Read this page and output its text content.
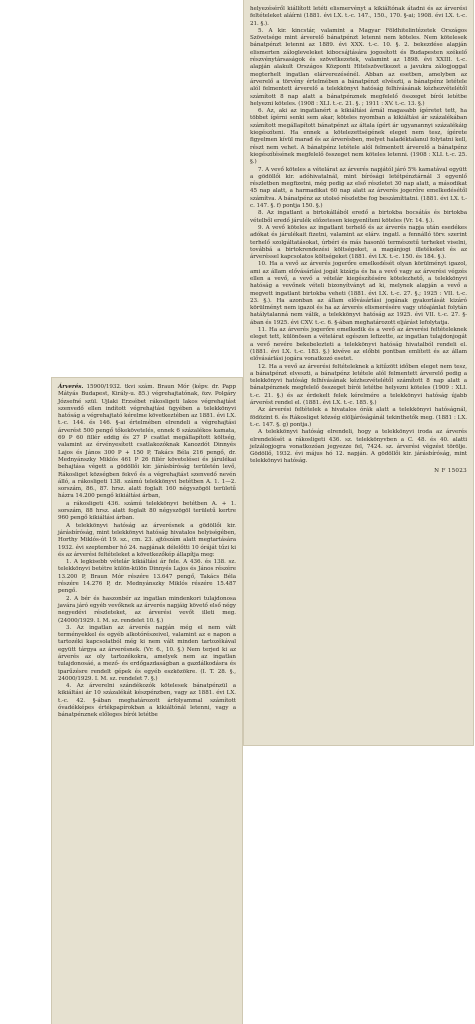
helyezéséről kiállított letéti elismervényt a kikiáltónak átadni és az árverési feltételeket aláírni (1881. évi LX. t.-c. 147., 150., 170. §-ai; 1908. évi LX. t.-c. 21. §.).

5. A kir. kincstár, valamint a Magyar Földhitelintézetek Országos Szövetsége mint árverelő bánatpénzt letenni nem köteles. Nem kötelesek bánatpénzt letenni az 1889. évi XXX. t.-c. 10. §. 2. bekezdése alapján elismerten zálogleveleket kibocsájtására jogosított és Budapesten székelő részvénytársaságok és szövetkezetek, valamint az 1898. évi XXIII. t.-c. alapján alakult Országos Központi Hitelszövetkezet a javukra zálogjoggal megterhelt ingatlan elárverezésénél. Abban az esetben, amelyben az árverelő a törvény értelmében a bánatpénzt elvészti, a bánatpénz letétele alól felmentett árverelő a telekkönyvi hatóság felhívásának kézhezvételétől számított 8 nap alatt a bánatpénznek megfelelő összeget bírói letétbe helyezni köteles. (1908 : XLI. t.-c. 21. §. ; 1911 : XV. t.-c. 13. §.)

6. Az, aki az ingatlanért a kikiáltási árnál magasabb ígéretet tett, ha többet ígérni senki sem akar, köteles nyomban a kikiáltási ár százalékában számított megállapított bánatpénzt az általa ígért ár ugyanannyi százalékáig kiegészíteni. Ha ennek a kötelezettségének eleget nem tesz, ígérete figyelmen kívül marad és az árverésben, melyet haladéktalanul folytatni kell, részt nem vehet. A bánatpénz letétele alól felmentett árverelő a bánatpénz kiegészítésének megfelelő összeget nem köteles letenni. (1908 : XLI. t.-c. 25. §.)

7. A vevő köteles a vételárat az árverés napjától járó 5% kamatával együtt a gödöllői kir. adóhivatalnál, mint bírósági letétpénztárnál 3 egyenlő részletben megfizetni, még pedig az első részletet 30 nap alatt, a másodikat 45 nap alatt, a harmadikat 60 nap alatt az árverés jogerőre emelkedésétől számítva. A bánatpénz az utolsó részletbe fog beszámíttatni. (1881. évi LX. t.-c. 147. §. f) pontja 150. §.)

8. Az ingatlant a birtokállából eredő a birtokba bocsátás és birtokba vételből eredő járulék előzetesen kiegyenlíteni köteles (Vr. 14. §.).

9. A vevő köteles az ingatlant terhelő és az árverés napja után esedékes adókat és járulékait fizetni, valamint az elárv. ingatl. a fennálló törv. szerint terhelő szolgáltatásokat, úrbéri és más hasonló természetű terheket viselni, továbbá a birtokrendezési költségeket, a magánjogi illetékeket és az árveréssel kapcsolatos költségeket (1881. évi LX. t.-c. 150. és 184. §.).

10. Ha a vevő az árverés jogerőre emelkedését olyan körülményt igazol, ami az állam elővásárlási jogát kizárja és ha a vevő vagy az árverési végzés ellen a vevő, a vevő a vételár kiegészítésére kötelezhető, a telekkönyvi hatóság a vevőnek vételi bizonyítványt ad ki, melynek alapján a vevő a megvett ingatlant birtokba veheti (1881. évi LX. t.-c. 27. §.; 1925 : VII. t.-c. 23. §.). Ha azonban az állam elővásárlási jogának gyakorlását kizáró körülményt nem igazol és ha az árverés elismerésére vagy utóajánlat folytán hatálytalanná nem válik, a telekkönyvi hatóság az 1925. évi VII. t.-c. 27. §-ában és 1925. évi CXV. t.-c. 6. §-ában meghatározott eljárást lefolytatja.

11. Ha az árverés jogerőre emelkedik és a vevő az árverési feltételeknek eleget tett, különösen a vételárat egészen lefizette, az ingatlan tulajdonjogát a vevő nevére bekebelezteti a telekkönyvi hatóság hivatalból rendeli el. (1881. évi LX. t.-c. 183. §.) kivéve az előbbi pontban említett és az állam elővásárlási jogára vonatkozó esetet.

12. Ha a vevő az árverési feltételeknek a kitűzött időben eleget nem tesz, a bánatpénzt elveszti, a bánatpénz letétele alól felmentett árverelő pedig a telekkönyvi hatóság felhívásának kézhezvételétől számított 8 nap alatt a bánatpénznek megfelelő összeget bírói letétbe helyezni köteles (1909 : XLI. t.-c. 21. §.) és az érdekelt felek kérelmére a telekkönyvi hatóság újabb árverést rendel el. (1881. évi LX. t.-c. 185. §.)

Az árverési feltételek a hivatalos órák alatt a telekkönyvi hatóságnál, födözint 6. és Rákosliget község elöljáróságánál tekinthetők meg. (1881 : LX. t.-c. 147. §. g) pontja.)

A telekkönyvi hatóság elrendeli, hogy a telekkönyvi iroda az árverés elrendelését a rákosligeti 436. sz. telekkönyvben a C. 48. és 40. alatti jelzálogjogra vonatkozóan jegyezze fel, 7424. sz. árverési végzést törölje. Gödöllő, 1932. évi május hó 12. napján. A gödöllői kir. járásbíróság, mint telekkönyvi hatóság.

N F 15023

Árverés. 15900/1932. tkvi szám. Braun Mór (képv. dr. Papp Mátyás Budapest, Király-u. 85.) végrehajtatónak, özv. Polgáry Józsefné szül. Ujlaki Erzsébet rákosligeti lakos végrehajtást szenvedő ellen indított végrehajtási ügyében a telekkönyvi hatóság a végrehajtató kérelme következtében az 1881. évi LX. t.-c. 144. és 146. §-ai értelmében elrendeli a végrehajtási árverést 500 pengő tőkekövetelés, ennek 6 százalékos kamata, 69 P 60 fillér eddig és 27 P csatlat megállapított költség, valamint az érvényesített csatlakozóknak Kanozdót Dinnyés Lajos és János 300 P + 150 P, Takács Béla 216 pengő, dr. Mednyánszky Miklós 461 P 26 fillér követelései és járulékai behajtása végett a gödöllői kir. járásbíróság területén levő, Rákosliget községben fekvő és a végrehajtást szenvedő nevén álló, a rákosligeti 138. számú telekkönyvi betétben A. 1. 1—2. sorszám, 86., 87. hrsz. alatt foglalt 160 négyszögöl területű házra 14.200 pengő kikiáltási árban,

a rákosligeti 436. számú telekkönyvi betétben A. + 1. sorszám, 88 hrsz. alatt foglalt 80 négyszögöl területű kertre 960 pengő kikiáltási árban.

A telekkönyvi hatóság az árverésnek a gödöllői kir. járásbíróság, mint telekkönyvi hatóság hivatalos helyiségében, Horthy Miklós-út 19. sz., cm. 23. ajtószám alatt megtartására 1932. évi szeptember hó 24. napjának délelőtti 10 óráját tűzi ki és az árverési feltételeket a következőkép állapítja meg:

1. A legkisebb vételár kikiáltási ár fele. A 436. és 138. sz. telekkönyvi betétre külön-külön Dinnyés Lajos és János részére 13.200 P, Braun Mór részére 13.647 pengő, Takács Béla részére 14.276 P, dr. Mednyánszky Miklós részére 15.487 pengő.

2. A bér és haszonbér az ingatlan mindenkori tulajdonosa javára járó egyéb vevőknek az árverés napjáig követő első négy negyedévi részleteket, az árverési vevőt illeti meg. (24000/1929. I. M. sz. rendelet 10. §.)

3. Az ingatlan az árverés napján még el nem vált terményekkel és egyéb alkotórészeivel, valamint az e napon a tartozéki kapcsolatból még ki nem vált minden tartozékával együtt tárgya az árverésnek. (Vr. 6., 10. §.) Nem terjed ki az árverés az oly tartozékokra, amelyek nem az ingatlan tulajdonosáé, a mező- és erdőgazdaságban a gazdálkodásra és iparűzésre rendelt gépek és egyéb eszközökre. (I. T. 28. §., 24000/1929. I. M. sz. rendelet 7. §.)

4. Az árverelni szándékozók kötelesek bánatpénzül a kikiáltási ár 10 százalékát készpénzben, vagy az 1881. évi LX. t.-c. 42. §-ában meghatározott árfolyammal számított óvadékképes értékpapírokban a kikiáltónál letenni, vagy a bánatpénznek előleges bírói letétbe
